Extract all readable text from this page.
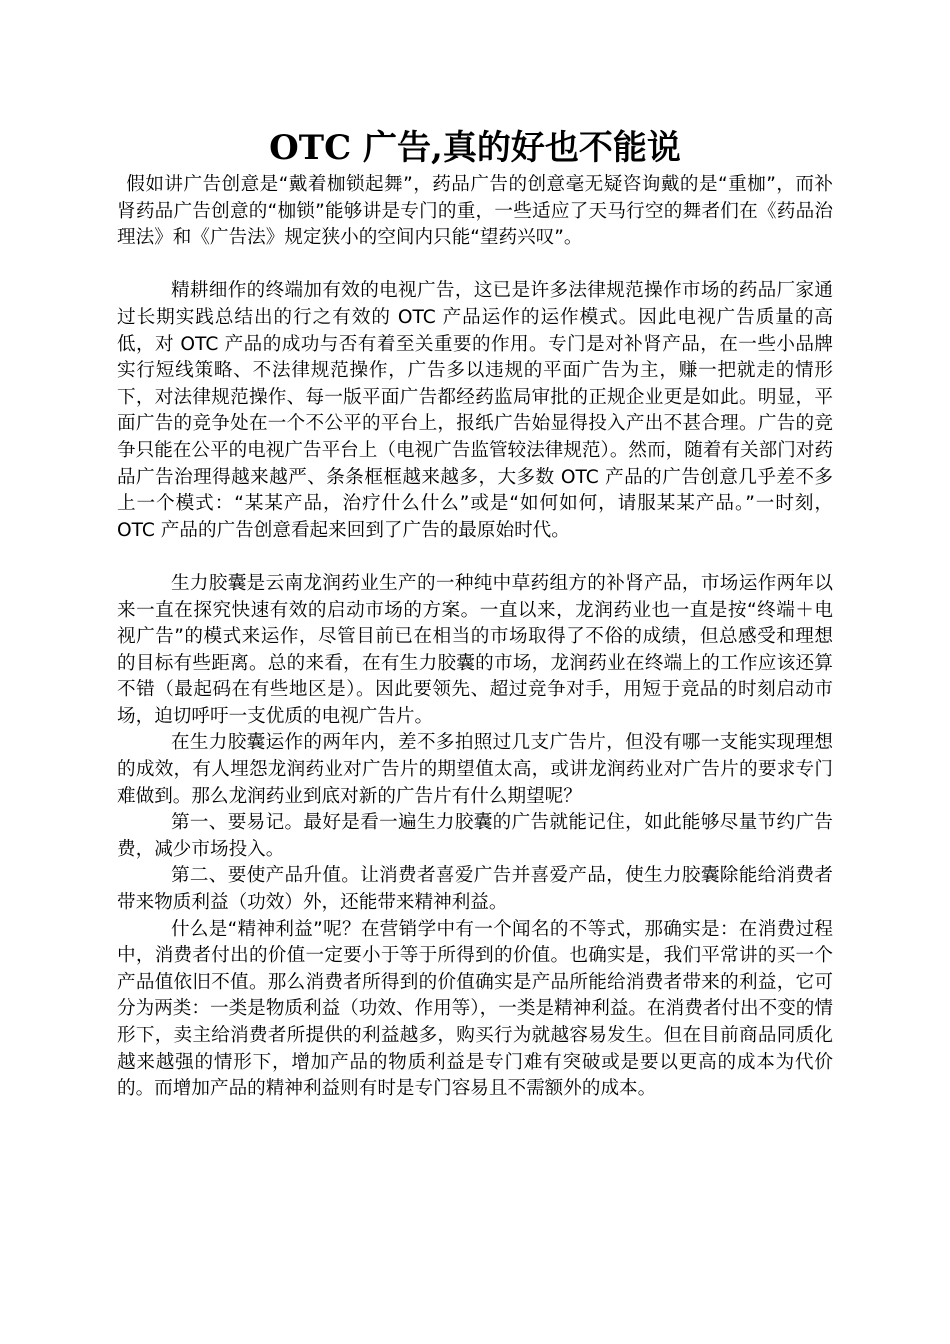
OTC 广告,真的好也不能说

假如讲广告创意是“戴着枷锁起舞”，药品广告的创意毫无疑咨询戴的是“重枷”，而补肾药品广告创意的“枷锁”能够讲是专门的重，一些适应了天马行空的舞者们在《药品治理法》和《广告法》规定狭小的空间内只能“望药兴叹”。

精耕细作的终端加有效的电视广告，这已是许多法律规范操作市场的药品厂家通过长期实践总结出的行之有效的 OTC 产品运作的运作模式。因此电视广告质量的高低，对 OTC 产品的成功与否有着至关重要的作用。专门是对补肾产品，在一些小品牌实行短线策略、不法律规范操作，广告多以违规的平面广告为主，赚一把就走的情形下，对法律规范操作、每一版平面广告都经药监局审批的正规企业更是如此。明显，平面广告的竞争处在一个不公平的平台上，报纸广告始显得投入产出不甚合理。广告的竞争只能在公平的电视广告平台上（电视广告监管较法律规范）。然而，随着有关部门对药品广告治理得越来越严、条条框框越来越多，大多数 OTC 产品的广告创意几乎差不多上一个模式：“某某产品，治疗什么什么”或是“如何如何，请服某某产品。”一时刻，OTC 产品的广告创意看起来回到了广告的最原始时代。

生力胶囊是云南龙润药业生产的一种纯中草药组方的补肾产品，市场运作两年以来一直在探究快速有效的启动市场的方案。一直以来，龙润药业也一直是按“终端＋电视广告”的模式来运作，尽管目前已在相当的市场取得了不俗的成绩，但总感受和理想的目标有些距离。总的来看，在有生力胶囊的市场，龙润药业在终端上的工作应该还算不错（最起码在有些地区是）。因此要领先、超过竞争对手，用短于竞品的时刻启动市场，迫切呼吁一支优质的电视广告片。

在生力胶囊运作的两年内，差不多拍照过几支广告片，但没有哪一支能实现理想的成效，有人埋怨龙润药业对广告片的期望值太高，或讲龙润药业对广告片的要求专门难做到。那么龙润药业到底对新的广告片有什么期望呢？

第一、要易记。最好是看一遍生力胶囊的广告就能记住，如此能够尽量节约广告费，减少市场投入。

第二、要使产品升值。让消费者喜爱广告并喜爱产品，使生力胶囊除能给消费者带来物质利益（功效）外，还能带来精神利益。

什么是“精神利益”呢？在营销学中有一个闻名的不等式，那确实是：在消费过程中，消费者付出的价值一定要小于等于所得到的价值。也确实是，我们平常讲的买一个产品值依旧不值。那么消费者所得到的价值确实是产品所能给消费者带来的利益，它可分为两类：一类是物质利益（功效、作用等），一类是精神利益。在消费者付出不变的情形下，卖主给消费者所提供的利益越多，购买行为就越容易发生。但在目前商品同质化越来越强的情形下，增加产品的物质利益是专门难有突破或是要以更高的成本为代价的。而增加产品的精神利益则有时是专门容易且不需额外的成本。
